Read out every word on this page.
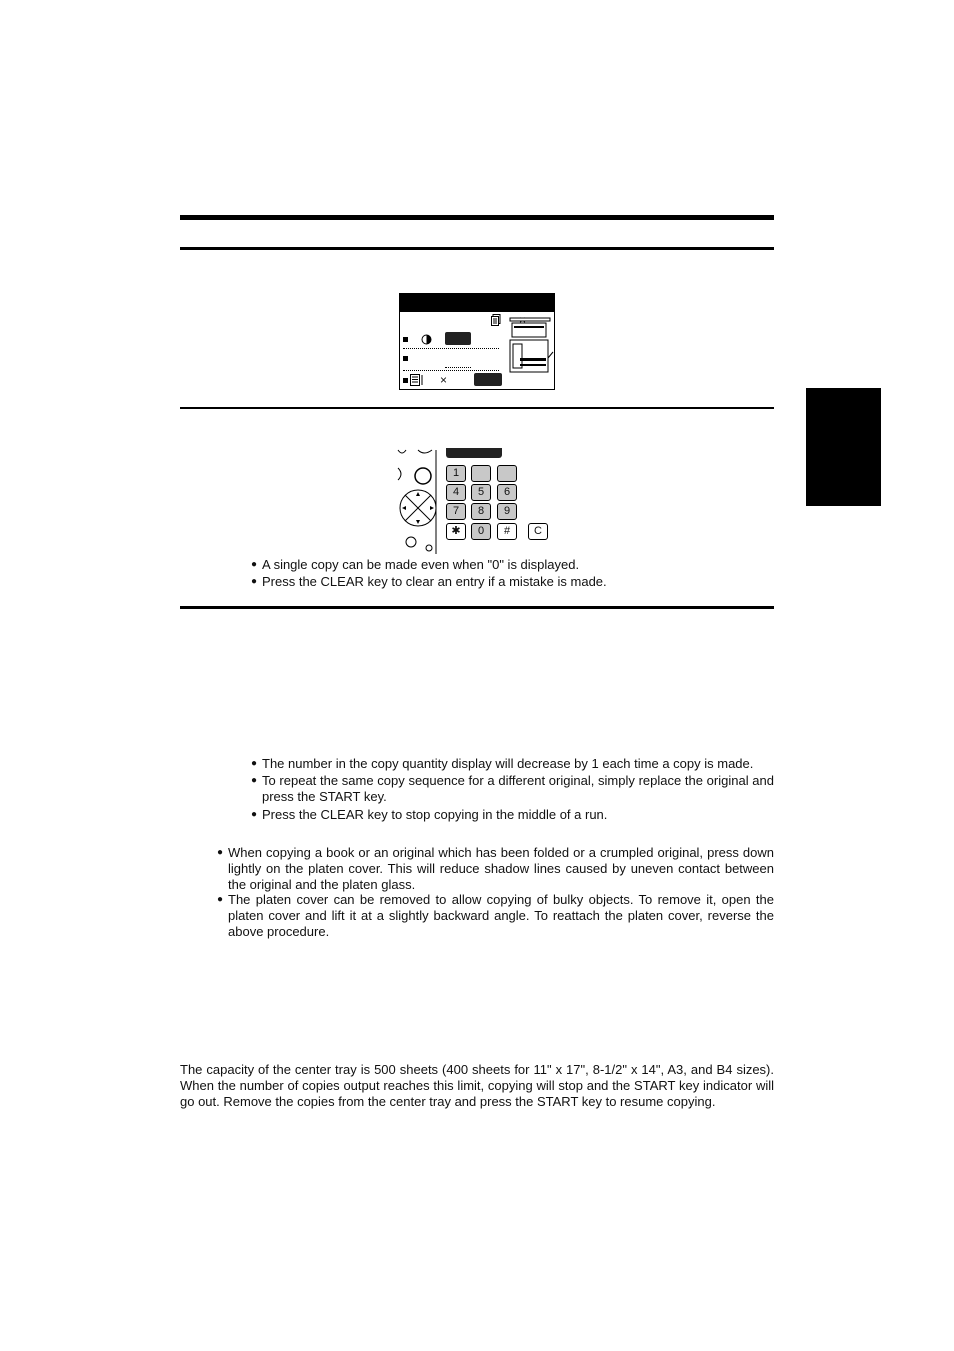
×
1
4	5	6
7	8	9
✱	0	#	C
● A single copy can be made even when "0" is displayed.
● Press the CLEAR key to clear an entry if a mistake is made.
● The number in the copy quantity display will decrease by 1 each time a copy is made.
● To repeat the same copy sequence for a different original, simply replace the original and press the START key.
● Press the CLEAR key to stop copying in the middle of a run.
● When copying a book or an original which has been folded or a crumpled original, press down lightly on the platen cover. This will reduce shadow lines caused by uneven contact between the original and the platen glass.
● The platen cover can be removed to allow copying of bulky objects. To remove it, open the platen cover and lift it at a slightly backward angle. To reattach the platen cover, reverse the above procedure.
The capacity of the center tray is 500 sheets (400 sheets for 11" x 17", 8-1/2" x 14", A3, and B4 sizes). When the number of copies output reaches this limit, copying will stop and the START key indicator will go out. Remove the copies from the center tray and press the START key to resume copying.
